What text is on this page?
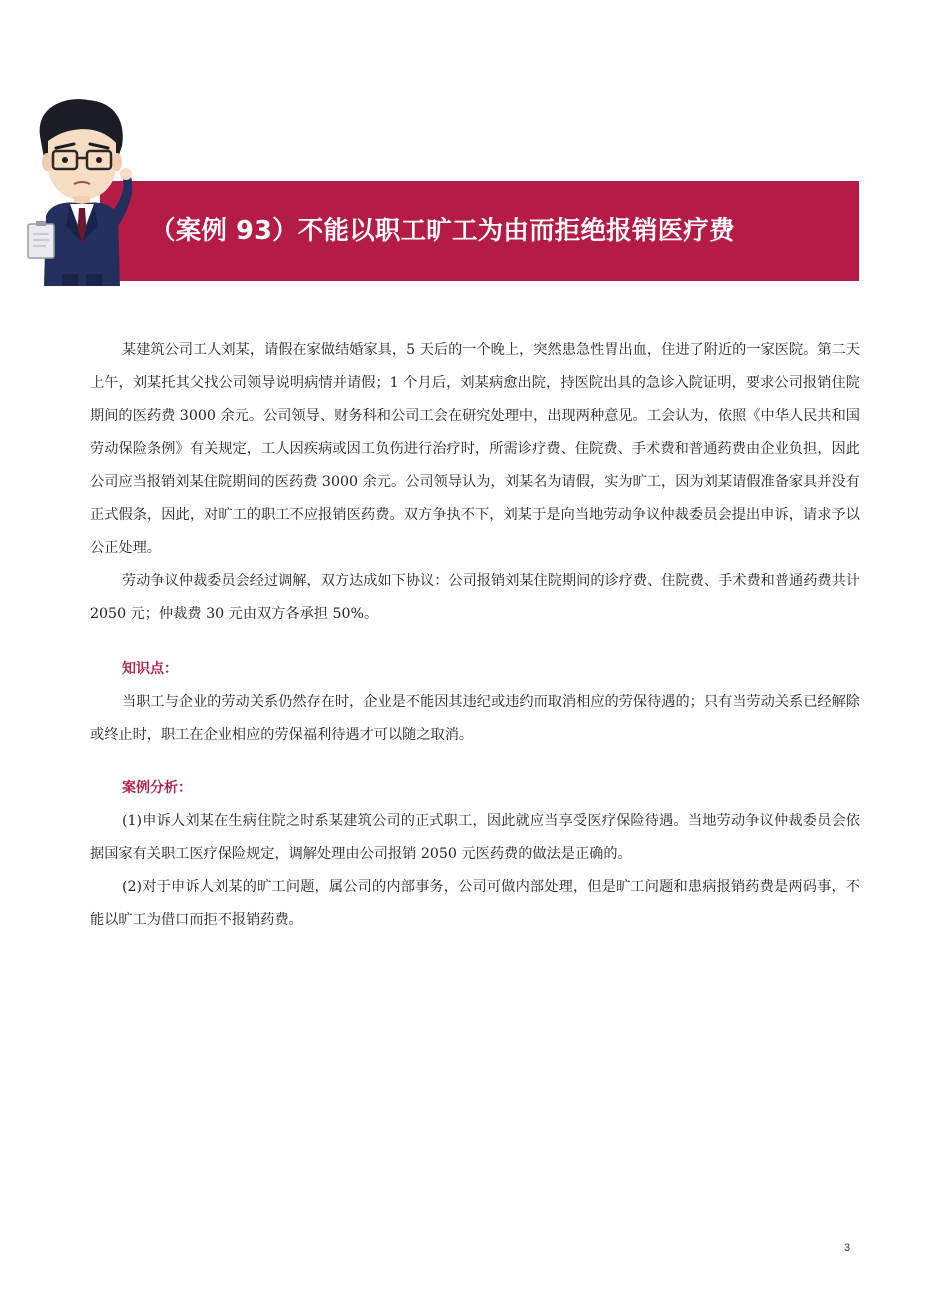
（案例 93）不能以职工旷工为由而拒绝报销医疗费

某建筑公司工人刘某，请假在家做结婚家具，5 天后的一个晚上，突然患急性胃出血，住进了附近的一家医院。第二天上午，刘某托其父找公司领导说明病情并请假；1 个月后，刘某病愈出院，持医院出具的急诊入院证明，要求公司报销住院期间的医药费 3000 余元。公司领导、财务科和公司工会在研究处理中，出现两种意见。工会认为，依照《中华人民共和国劳动保险条例》有关规定，工人因疾病或因工负伤进行治疗时，所需诊疗费、住院费、手术费和普通药费由企业负担，因此公司应当报销刘某住院期间的医药费 3000 余元。公司领导认为，刘某名为请假，实为旷工，因为刘某请假准备家具并没有正式假条，因此，对旷工的职工不应报销医药费。双方争执不下，刘某于是向当地劳动争议仲裁委员会提出申诉，请求予以公正处理。

劳动争议仲裁委员会经过调解，双方达成如下协议：公司报销刘某住院期间的诊疗费、住院费、手术费和普通药费共计 2050 元；仲裁费 30 元由双方各承担 50%。

知识点：

当职工与企业的劳动关系仍然存在时，企业是不能因其违纪或违约而取消相应的劳保待遇的；只有当劳动关系已经解除或终止时，职工在企业相应的劳保福利待遇才可以随之取消。

案例分析：

(1)申诉人刘某在生病住院之时系某建筑公司的正式职工，因此就应当享受医疗保险待遇。当地劳动争议仲裁委员会依据国家有关职工医疗保险规定，调解处理由公司报销 2050 元医药费的做法是正确的。

(2)对于申诉人刘某的旷工问题，属公司的内部事务，公司可做内部处理，但是旷工问题和患病报销药费是两码事，不能以旷工为借口而拒不报销药费。

3
